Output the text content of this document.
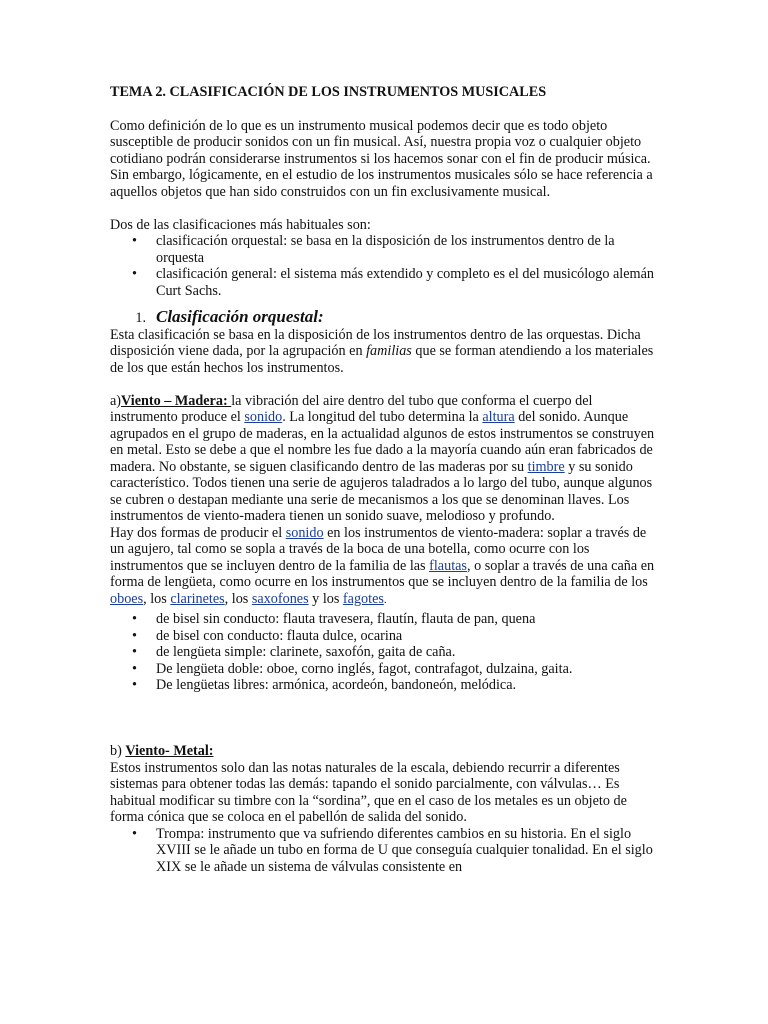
TEMA 2. CLASIFICACIÓN DE LOS INSTRUMENTOS MUSICALES

Como definición de lo que es un instrumento musical podemos decir que es todo objeto susceptible de producir sonidos con un fin musical. Así, nuestra propia voz o cualquier objeto cotidiano podrán considerarse instrumentos si los hacemos sonar con el fin de producir música. Sin embargo, lógicamente, en el estudio de los instrumentos musicales sólo se hace referencia a aquellos objetos que han sido construidos con un fin exclusivamente musical.

Dos de las clasificaciones más habituales son:

• clasificación orquestal: se basa en la disposición de los instrumentos dentro de la orquesta
• clasificación general: el sistema más extendido y completo es el del musicólogo alemán Curt Sachs.
1. Clasificación orquestal:

Esta clasificación se basa en la disposición de los instrumentos dentro de las orquestas. Dicha disposición viene dada, por la agrupación en familias que se forman atendiendo a los materiales de los que están hechos los instrumentos.

a)Viento – Madera: la vibración del aire dentro del tubo que conforma el cuerpo del instrumento produce el sonido. La longitud del tubo determina la altura del sonido. Aunque agrupados en el grupo de maderas, en la actualidad algunos de estos instrumentos se construyen en metal. Esto se debe a que el nombre les fue dado a la mayoría cuando aún eran fabricados de madera. No obstante, se siguen clasificando dentro de las maderas por su timbre y su sonido característico. Todos tienen una serie de agujeros taladrados a lo largo del tubo, aunque algunos se cubren o destapan mediante una serie de mecanismos a los que se denominan llaves. Los instrumentos de viento-madera tienen un sonido suave, melodioso y profundo.

Hay dos formas de producir el sonido en los instrumentos de viento-madera: soplar a través de un agujero, tal como se sopla a través de la boca de una botella, como ocurre con los instrumentos que se incluyen dentro de la familia de las flautas, o soplar a través de una caña en forma de lengüeta, como ocurre en los instrumentos que se incluyen dentro de la familia de los oboes, los clarinetes, los saxofones y los fagotes.

• de bisel sin conducto: flauta travesera, flautín, flauta de pan, quena
• de bisel con conducto: flauta dulce, ocarina
• de lengüeta simple: clarinete, saxofón, gaita de caña.
• De lengüeta doble: oboe, corno inglés, fagot, contrafagot, dulzaina, gaita.
• De lengüetas libres: armónica, acordeón, bandoneón, melódica.

b) Viento- Metal:

Estos instrumentos solo dan las notas naturales de la escala, debiendo recurrir a diferentes sistemas para obtener todas las demás: tapando el sonido parcialmente, con válvulas… Es habitual modificar su timbre con la “sordina”, que en el caso de los metales es un objeto de forma cónica que se coloca en el pabellón de salida del sonido.

• Trompa: instrumento que va sufriendo diferentes cambios en su historia. En el siglo XVIII se le añade un tubo en forma de U que conseguía cualquier tonalidad. En el siglo XIX se le añade un sistema de válvulas consistente en
